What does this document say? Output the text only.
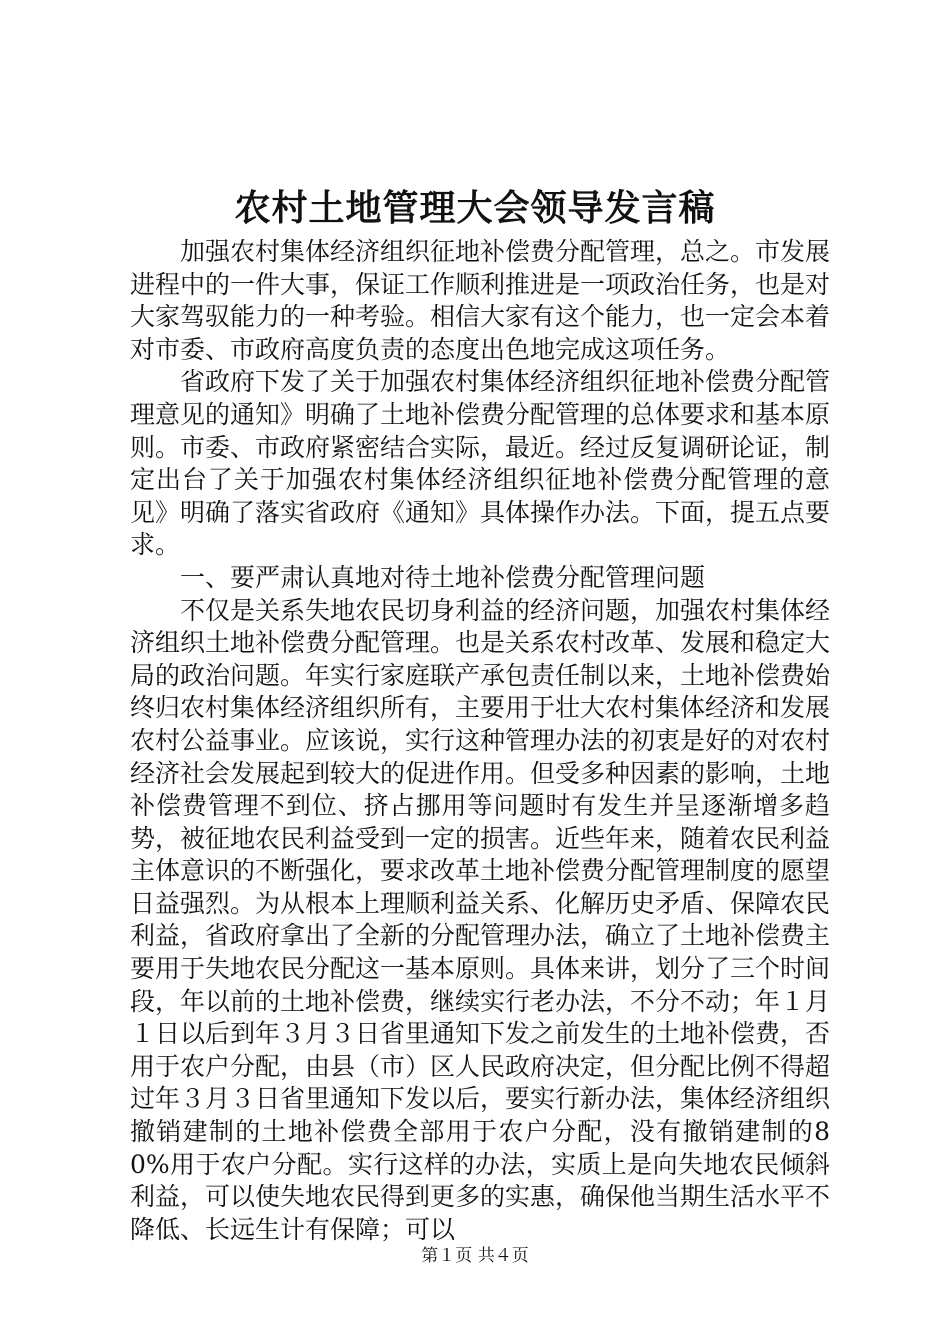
农村土地管理大会领导发言稿

加强农村集体经济组织征地补偿费分配管理，总之。市发展进程中的一件大事，保证工作顺利推进是一项政治任务，也是对大家驾驭能力的一种考验。相信大家有这个能力，也一定会本着对市委、市政府高度负责的态度出色地完成这项任务。

省政府下发了关于加强农村集体经济组织征地补偿费分配管理意见的通知》明确了土地补偿费分配管理的总体要求和基本原则。市委、市政府紧密结合实际，最近。经过反复调研论证，制定出台了关于加强农村集体经济组织征地补偿费分配管理的意见》明确了落实省政府《通知》具体操作办法。下面，提五点要求。

一、要严肃认真地对待土地补偿费分配管理问题

不仅是关系失地农民切身利益的经济问题，加强农村集体经济组织土地补偿费分配管理。也是关系农村改革、发展和稳定大局的政治问题。年实行家庭联产承包责任制以来，土地补偿费始终归农村集体经济组织所有，主要用于壮大农村集体经济和发展农村公益事业。应该说，实行这种管理办法的初衷是好的对农村经济社会发展起到较大的促进作用。但受多种因素的影响，土地补偿费管理不到位、挤占挪用等问题时有发生并呈逐渐增多趋势，被征地农民利益受到一定的损害。近些年来，随着农民利益主体意识的不断强化，要求改革土地补偿费分配管理制度的愿望日益强烈。为从根本上理顺利益关系、化解历史矛盾、保障农民利益，省政府拿出了全新的分配管理办法，确立了土地补偿费主要用于失地农民分配这一基本原则。具体来讲，划分了三个时间段，年以前的土地补偿费，继续实行老办法，不分不动；年１月１日以后到年３月３日省里通知下发之前发生的土地补偿费，否用于农户分配，由县（市）区人民政府决定，但分配比例不得超过年３月３日省里通知下发以后，要实行新办法，集体经济组织撤销建制的土地补偿费全部用于农户分配，没有撤销建制的80%用于农户分配。实行这样的办法，实质上是向失地农民倾斜利益，可以使失地农民得到更多的实惠，确保他当期生活水平不降低、长远生计有保障；可以

第１页 共４页
